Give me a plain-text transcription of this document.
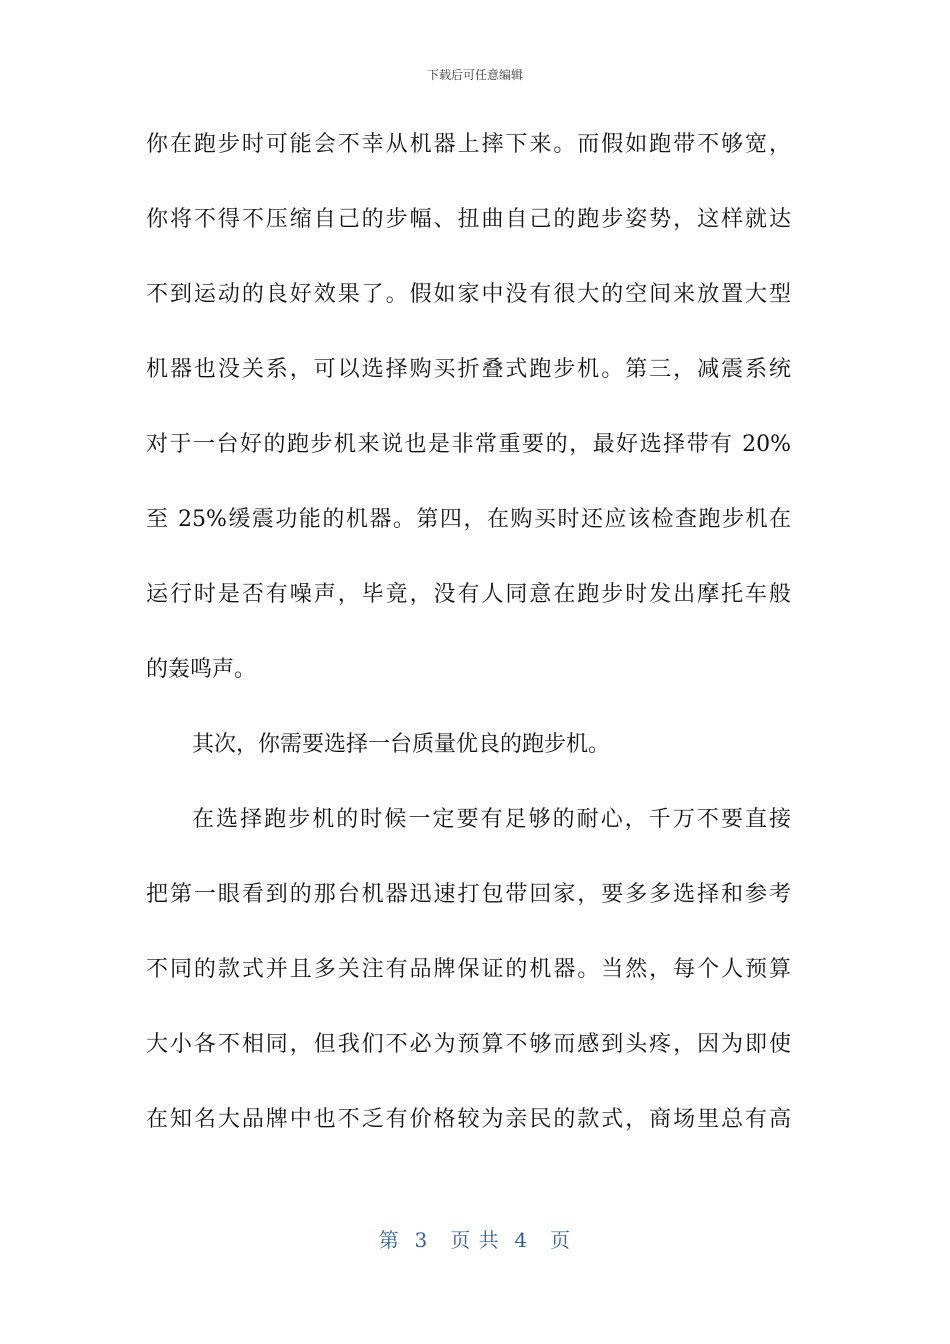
下载后可任意编辑
你在跑步时可能会不幸从机器上摔下来。而假如跑带不够宽，
你将不得不压缩自己的步幅、扭曲自己的跑步姿势，这样就达
不到运动的良好效果了。假如家中没有很大的空间来放置大型
机器也没关系，可以选择购买折叠式跑步机。第三，减震系统
对于一台好的跑步机来说也是非常重要的，最好选择带有 20%
至 25%缓震功能的机器。第四，在购买时还应该检查跑步机在
运行时是否有噪声，毕竟，没有人同意在跑步时发出摩托车般
的轰鸣声。
其次，你需要选择一台质量优良的跑步机。
在选择跑步机的时候一定要有足够的耐心，千万不要直接
把第一眼看到的那台机器迅速打包带回家，要多多选择和参考
不同的款式并且多关注有品牌保证的机器。当然，每个人预算
大小各不相同，但我们不必为预算不够而感到头疼，因为即使
在知名大品牌中也不乏有价格较为亲民的款式，商场里总有高
第  3   页 共  4   页
